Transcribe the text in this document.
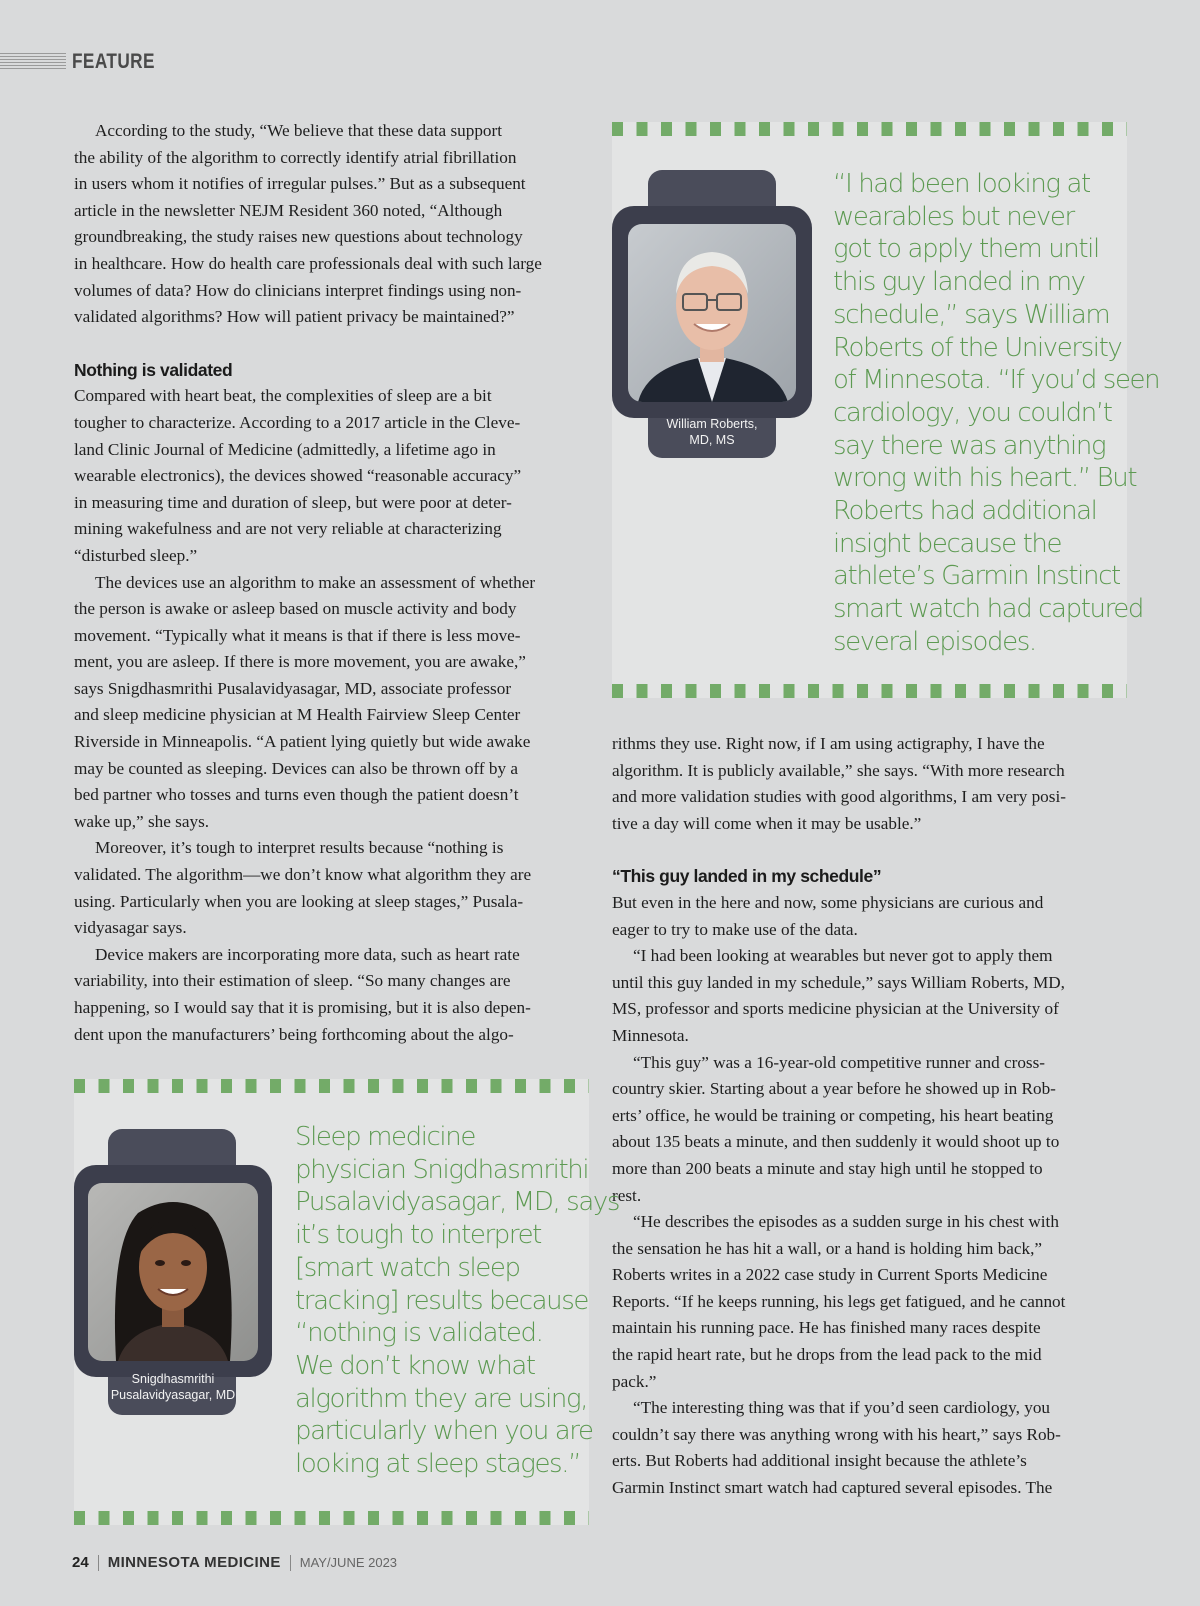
FEATURE

According to the study, “We believe that these data support

the ability of the algorithm to correctly identify atrial fibrillation

in users whom it notifies of irregular pulses.” But as a subsequent

article in the newsletter NEJM Resident 360 noted, “Although

groundbreaking, the study raises new questions about technology

in healthcare. How do health care professionals deal with such large

volumes of data? How do clinicians interpret findings using non-

validated algorithms? How will patient privacy be maintained?”

Nothing is validated

Compared with heart beat, the complexities of sleep are a bit

tougher to characterize. According to a 2017 article in the Cleve-

land Clinic Journal of Medicine (admittedly, a lifetime ago in

wearable electronics), the devices showed “reasonable accuracy”

in measuring time and duration of sleep, but were poor at deter-

mining wakefulness and are not very reliable at characterizing

“disturbed sleep.”

The devices use an algorithm to make an assessment of whether

the person is awake or asleep based on muscle activity and body

movement. “Typically what it means is that if there is less move-

ment, you are asleep. If there is more movement, you are awake,”

says Snigdhasmrithi Pusalavidyasagar, MD, associate professor

and sleep medicine physician at M Health Fairview Sleep Center

Riverside in Minneapolis. “A patient lying quietly but wide awake

may be counted as sleeping. Devices can also be thrown off by a

bed partner who tosses and turns even though the patient doesn’t

wake up,” she says.

Moreover, it’s tough to interpret results because “nothing is

validated. The algorithm—we don’t know what algorithm they are

using. Particularly when you are looking at sleep stages,” Pusala-

vidyasagar says.

Device makers are incorporating more data, such as heart rate

variability, into their estimation of sleep. “So many changes are

happening, so I would say that it is promising, but it is also depen-

dent upon the manufacturers’ being forthcoming about the algo-

William Roberts,
MD, MS
“I had been looking at
wearables but never
got to apply them until
this guy landed in my
schedule,” says William
Roberts of the University
of Minnesota. “If you’d seen
cardiology, you couldn’t
say there was anything
wrong with his heart.” But
Roberts had additional
insight because the
athlete’s Garmin Instinct
smart watch had captured
several episodes.

rithms they use. Right now, if I am using actigraphy, I have the

algorithm. It is publicly available,” she says. “With more research

and more validation studies with good algorithms, I am very posi-

tive a day will come when it may be usable.”

“This guy landed in my schedule”

But even in the here and now, some physicians are curious and

eager to try to make use of the data.

“I had been looking at wearables but never got to apply them

until this guy landed in my schedule,” says William Roberts, MD,

MS, professor and sports medicine physician at the University of

Minnesota.

“This guy” was a 16-year-old competitive runner and cross-

country skier. Starting about a year before he showed up in Rob-

erts’ office, he would be training or competing, his heart beating

about 135 beats a minute, and then suddenly it would shoot up to

more than 200 beats a minute and stay high until he stopped to

rest.

“He describes the episodes as a sudden surge in his chest with

the sensation he has hit a wall, or a hand is holding him back,”

Roberts writes in a 2022 case study in Current Sports Medicine

Reports. “If he keeps running, his legs get fatigued, and he cannot

maintain his running pace. He has finished many races despite

the rapid heart rate, but he drops from the lead pack to the mid

pack.”

“The interesting thing was that if you’d seen cardiology, you

couldn’t say there was anything wrong with his heart,” says Rob-

erts. But Roberts had additional insight because the athlete’s

Garmin Instinct smart watch had captured several episodes. The

Snigdhasmrithi
Pusalavidyasagar, MD
Sleep medicine
physician Snigdhasmrithi
Pusalavidyasagar, MD, says
it’s tough to interpret
[smart watch sleep
tracking] results because
“nothing is validated.
We don’t know what
algorithm they are using,
particularly when you are
looking at sleep stages.”
24 MINNESOTA MEDICINE MAY/JUNE 2023
